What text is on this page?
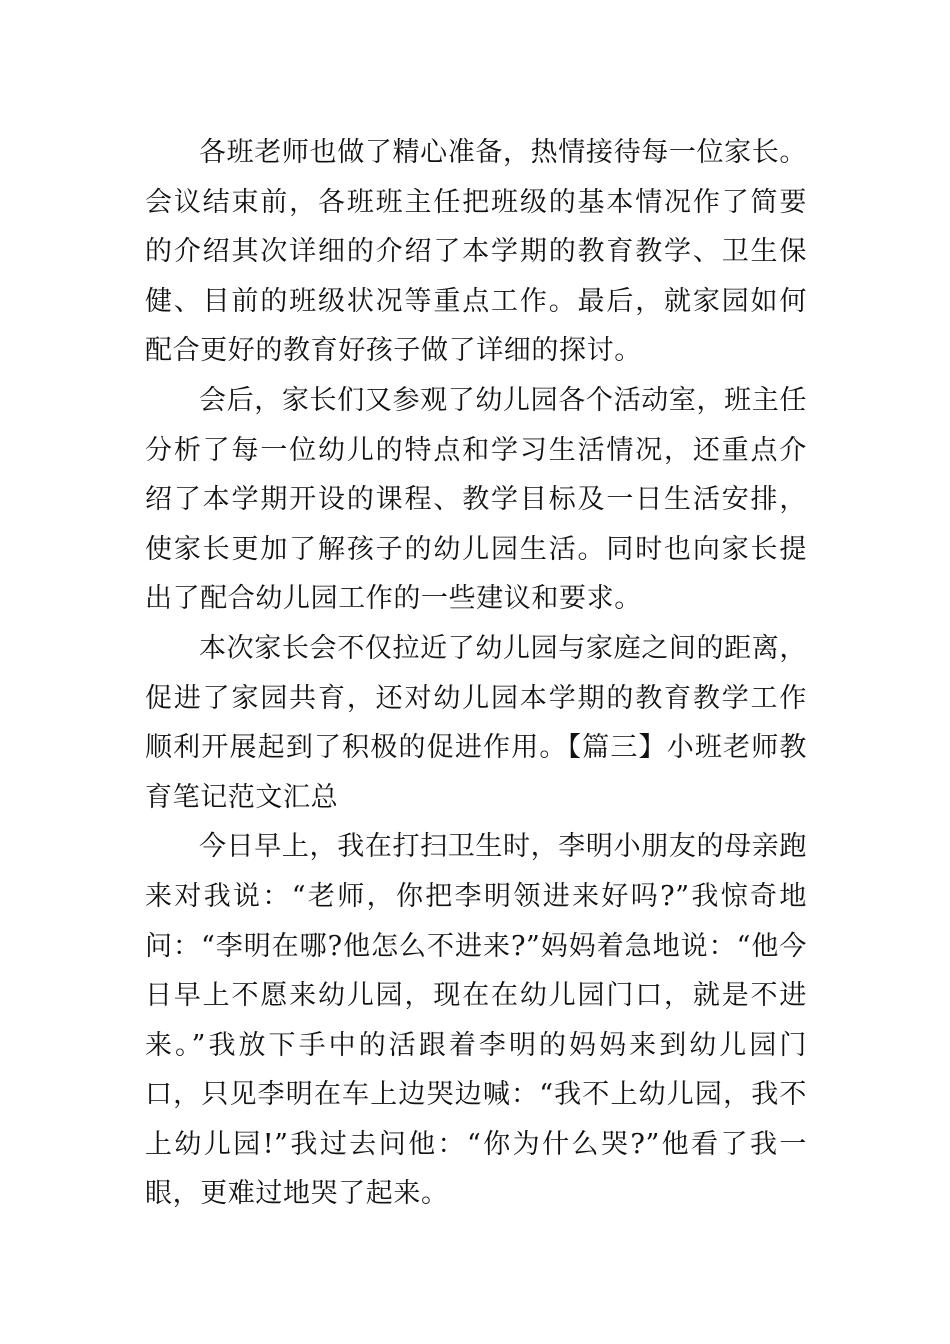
各班老师也做了精心准备，热情接待每一位家长。会议结束前，各班班主任把班级的基本情况作了简要的介绍其次详细的介绍了本学期的教育教学、卫生保健、目前的班级状况等重点工作。最后，就家园如何配合更好的教育好孩子做了详细的探讨。

会后，家长们又参观了幼儿园各个活动室，班主任分析了每一位幼儿的特点和学习生活情况，还重点介绍了本学期开设的课程、教学目标及一日生活安排，使家长更加了解孩子的幼儿园生活。同时也向家长提出了配合幼儿园工作的一些建议和要求。

本次家长会不仅拉近了幼儿园与家庭之间的距离，促进了家园共育，还对幼儿园本学期的教育教学工作顺利开展起到了积极的促进作用。【篇三】小班老师教育笔记范文汇总

今日早上，我在打扫卫生时，李明小朋友的母亲跑来对我说：“老师，你把李明领进来好吗?”我惊奇地问：“李明在哪?他怎么不进来?”妈妈着急地说：“他今日早上不愿来幼儿园，现在在幼儿园门口，就是不进来。”我放下手中的活跟着李明的妈妈来到幼儿园门口，只见李明在车上边哭边喊：“我不上幼儿园，我不上幼儿园!”我过去问他：“你为什么哭?”他看了我一眼，更难过地哭了起来。
